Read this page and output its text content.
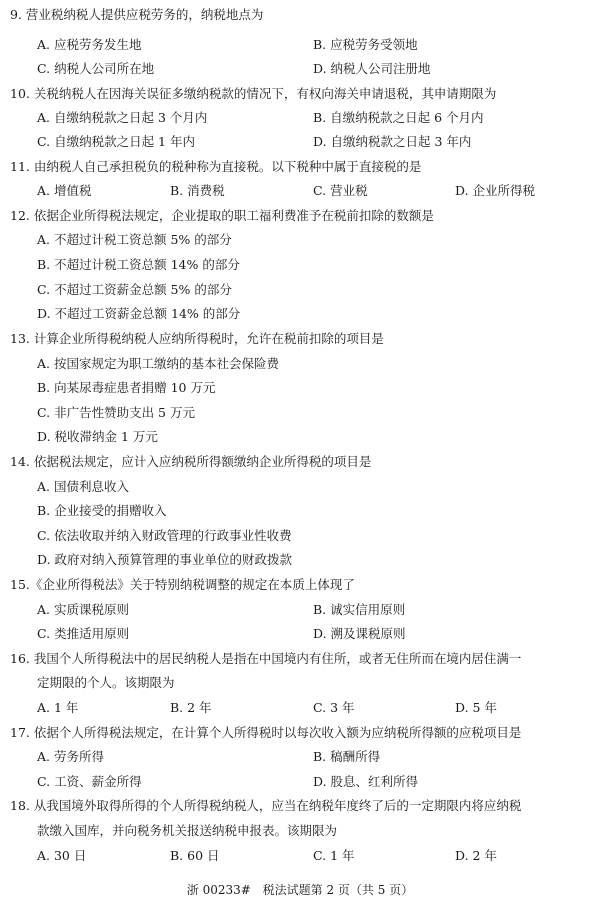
9. 营业税纳税人提供应税劳务的，纳税地点为
A. 应税劳务发生地	B. 应税劳务受领地
C. 纳税人公司所在地	D. 纳税人公司注册地
10. 关税纳税人在因海关误征多缴纳税款的情况下，有权向海关申请退税，其申请期限为
A. 自缴纳税款之日起 3 个月内	B. 自缴纳税款之日起 6 个月内
C. 自缴纳税款之日起 1 年内	D. 自缴纳税款之日起 3 年内
11. 由纳税人自己承担税负的税种称为直接税。以下税种中属于直接税的是
A. 增值税	B. 消费税	C. 营业税	D. 企业所得税
12. 依据企业所得税法规定，企业提取的职工福利费准予在税前扣除的数额是
A. 不超过计税工资总额 5% 的部分
B. 不超过计税工资总额 14% 的部分
C. 不超过工资薪金总额 5% 的部分
D. 不超过工资薪金总额 14% 的部分
13. 计算企业所得税纳税人应纳所得税时，允许在税前扣除的项目是
A. 按国家规定为职工缴纳的基本社会保险费
B. 向某尿毒症患者捐赠 10 万元
C. 非广告性赞助支出 5 万元
D. 税收滞纳金 1 万元
14. 依据税法规定，应计入应纳税所得额缴纳企业所得税的项目是
A. 国债利息收入
B. 企业接受的捐赠收入
C. 依法收取并纳入财政管理的行政事业性收费
D. 政府对纳入预算管理的事业单位的财政拨款
15.《企业所得税法》关于特别纳税调整的规定在本质上体现了
A. 实质课税原则	B. 诚实信用原则
C. 类推适用原则	D. 溯及课税原则
16. 我国个人所得税法中的居民纳税人是指在中国境内有住所，或者无住所而在境内居住满一
定期限的个人。该期限为
A. 1 年	B. 2 年	C. 3 年	D. 5 年
17. 依据个人所得税法规定，在计算个人所得税时以每次收入额为应纳税所得额的应税项目是
A. 劳务所得	B. 稿酬所得
C. 工资、薪金所得	D. 股息、红利所得
18. 从我国境外取得所得的个人所得税纳税人，应当在纳税年度终了后的一定期限内将应纳税
款缴入国库，并向税务机关报送纳税申报表。该期限为
A. 30 日	B. 60 日	C. 1 年	D. 2 年
浙 00233# 税法试题第 2 页（共 5 页）
